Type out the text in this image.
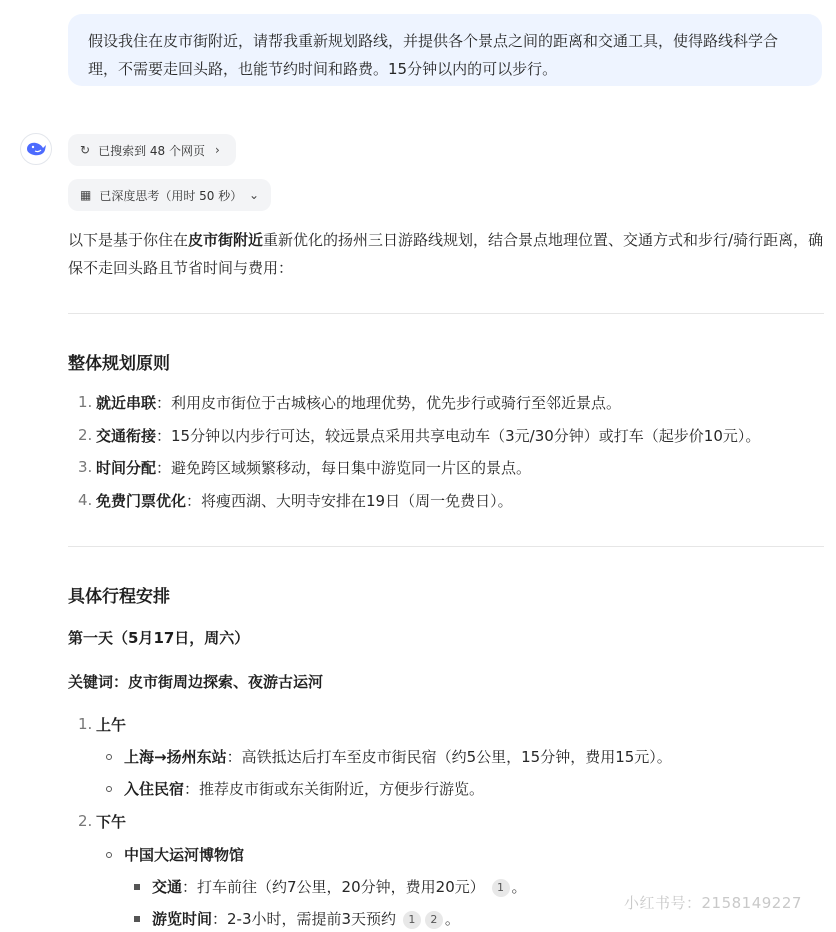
假设我住在皮市街附近，请帮我重新规划路线，并提供各个景点之间的距离和交通工具，使得路线科学合理，不需要走回头路，也能节约时间和路费。15分钟以内的可以步行。
↻ 已搜索到 48 个网页 ›
▦ 已深度思考（用时 50 秒） ⌄
以下是基于你住在皮市街附近重新优化的扬州三日游路线规划，结合景点地理位置、交通方式和步行/骑行距离，确保不走回头路且节省时间与费用：
整体规划原则
1. 就近串联：利用皮市街位于古城核心的地理优势，优先步行或骑行至邻近景点。
2. 交通衔接：15分钟以内步行可达，较远景点采用共享电动车（3元/30分钟）或打车（起步价10元）。
3. 时间分配：避免跨区域频繁移动，每日集中游览同一片区的景点。
4. 免费门票优化：将瘦西湖、大明寺安排在19日（周一免费日）。
具体行程安排
第一天（5月17日，周六）
关键词：皮市街周边探索、夜游古运河
1. 上午
上海→扬州东站：高铁抵达后打车至皮市街民宿（约5公里，15分钟，费用15元）。
入住民宿：推荐皮市街或东关街附近，方便步行游览。
2. 下午
中国大运河博物馆
交通：打车前往（约7公里，20分钟，费用20元） 1 。
游览时间：2-3小时，需提前3天预约 1 2 。
小红书号：2158149227
